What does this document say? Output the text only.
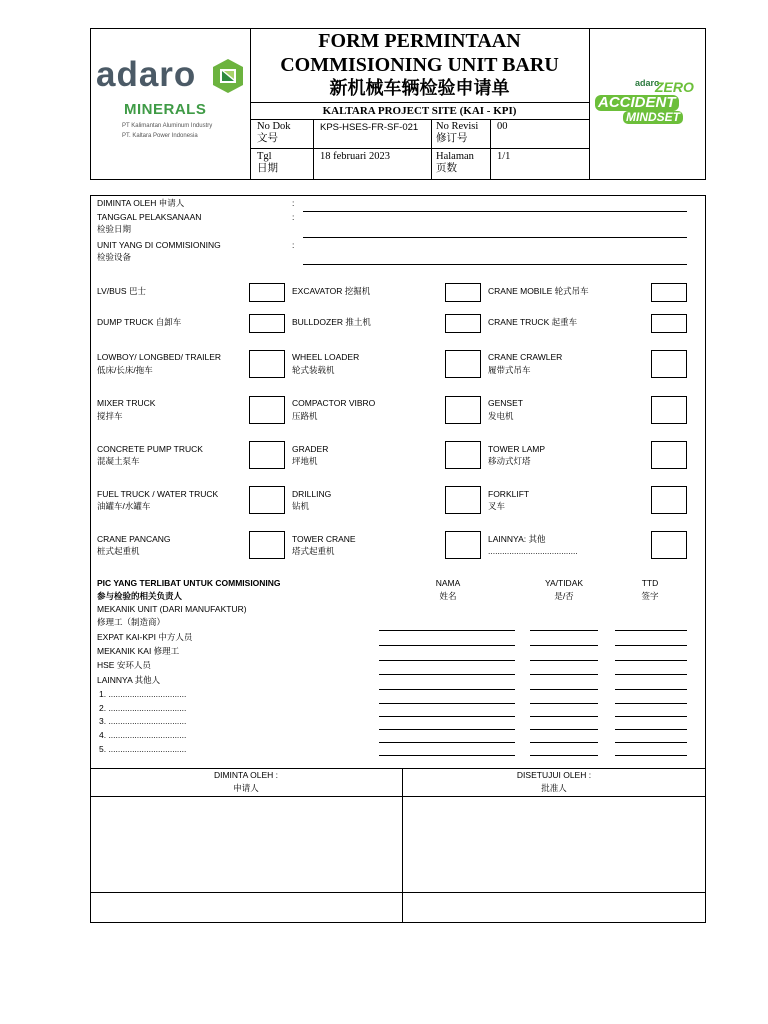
adaro
MINERALS
PT Kalimantan Aluminum Industry
PT. Kaltara Power Indonesia
FORM PERMINTAAN
COMMISIONING UNIT BARU
新机械车辆检验申请单
KALTARA PROJECT SITE (KAI - KPI)
No Dok
文号
KPS-HSES-FR-SF-021 No Revisi
修订号
00
Tgl
日期
18 februari 2023	Halaman
页数
1/1
adaro
ZERO
ACCIDENT
MINDSET
DIMINTA OLEH 申请人	:
TANGGAL PELAKSANAAN
检验日期
:
UNIT YANG DI COMMISIONING
检验设备
:
LV/BUS 巴士
DUMP TRUCK 自卸车
LOWBOY/ LONGBED/ TRAILER
低床/长床/拖车
MIXER TRUCK
搅拌车
CONCRETE PUMP TRUCK
混凝土泵车
FUEL TRUCK / WATER TRUCK
油罐车/水罐车
CRANE PANCANG
桩式起重机
EXCAVATOR 挖掘机
BULLDOZER 推土机
WHEEL LOADER
轮式装载机
COMPACTOR VIBRO
压路机
GRADER
坪地机
DRILLING
钻机
TOWER CRANE
塔式起重机
CRANE MOBILE 轮式吊车
CRANE TRUCK 起重车
CRANE CRAWLER
履带式吊车
GENSET
发电机
TOWER LAMP
移动式灯塔
FORKLIFT
叉车
LAINNYA: 其他
......................................
PIC YANG TERLIBAT UNTUK COMMISIONING
参与检验的相关负责人
NAMA
姓名
YA/TIDAK
是/否
TTD
签字
MEKANIK UNIT (DARI MANUFAKTUR)
修理工（制造商）
EXPAT KAI-KPI 中方人员
MEKANIK KAI 修理工
HSE 安环人员
LAINNYA 其他人
1. .................................
2. .................................
3. .................................
4. .................................
5. .................................
DIMINTA OLEH :
申请人
DISETUJUI OLEH :
批准人
